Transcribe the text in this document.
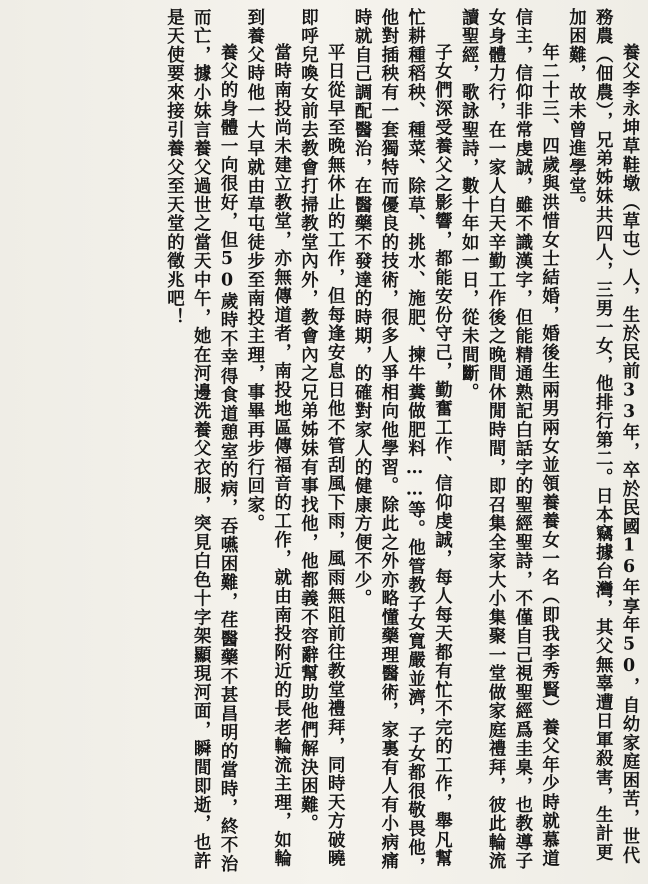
養父李永坤草鞋墩（草屯）人，生於民前33年，卒於民國16年享年50，自幼家庭困苦，世代務農（佃農），兄弟姊妹共四人，三男一女，他排行第二。日本竊據台灣，其父無辜遭日軍殺害，生計更加困難，故未曾進學堂。

年二十三、四歲與洪惜女士結婚，婚後生兩男兩女並領養養女一名（即我李秀賢）養父年少時就慕道信主，信仰非常虔誠，雖不識漢字，但能精通熟記白話字的聖經聖詩，不僅自己視聖經爲圭臬，也教導子女身體力行，在一家人白天辛勤工作後之晚間休閒時間，即召集全家大小集聚一堂做家庭禮拜，彼此輪流讀聖經，歌詠聖詩，數十年如一日，從未間斷。

子女們深受養父之影響，都能安份守己，勤奮工作、信仰虔誠，每人每天都有忙不完的工作，舉凡幫忙耕種稻秧、種菜、除草、挑水、施肥、揀牛糞做肥料……等。他管教子女寬嚴並濟，子女都很敬畏他，他對插秧有一套獨特而優良的技術，很多人爭相向他學習。除此之外亦略懂藥理醫術，家裏有人有小病痛時就自己調配醫治，在醫藥不發達的時期，的確對家人的健康方便不少。

平日從早至晚無休止的工作，但每逢安息日他不管刮風下雨，風雨無阻前往教堂禮拜，同時天方破曉即呼兒喚女前去教會打掃教堂內外，教會內之兄弟姊妹有事找他，他都義不容辭幫助他們解決困難。

當時南投尚未建立教堂，亦無傳道者，南投地區傳福音的工作，就由南投附近的長老輪流主理，如輪到養父時他一大早就由草屯徒步至南投主理，事畢再步行回家。

養父的身體一向很好，但50歲時不幸得食道憩室的病，吞嚥困難，荏醫藥不甚昌明的當時，終不治而亡，據小妹言養父過世之當天中午，她在河邊洗養父衣服，突見白色十字架顯現河面，瞬間即逝，也許是天使要來接引養父至天堂的徵兆吧！
